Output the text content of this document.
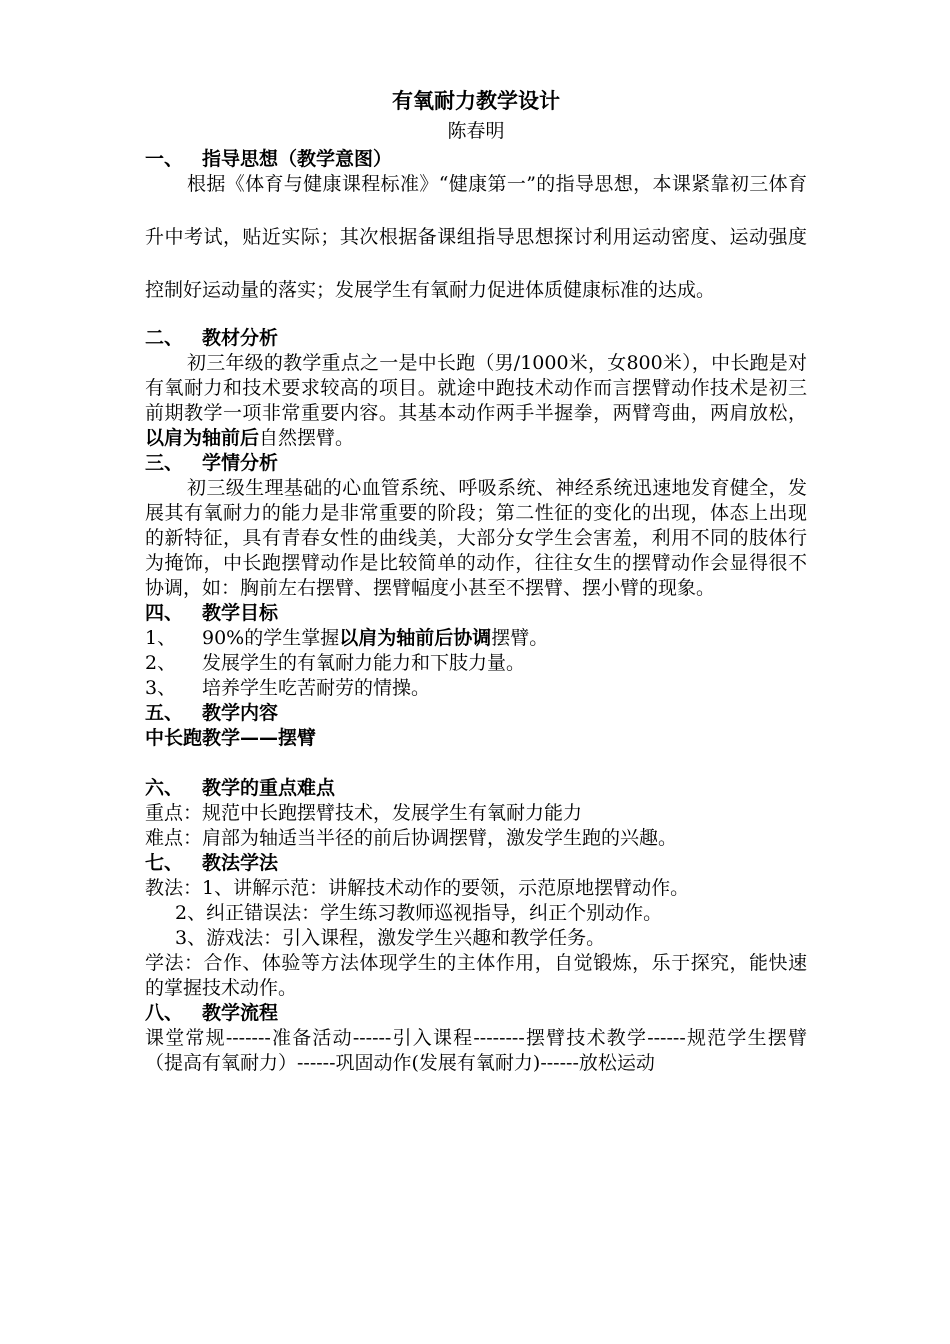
有氧耐力教学设计

陈春明

一、 指导思想（教学意图）

根据《体育与健康课程标准》“健康第一”的指导思想，本课紧靠初三体育升中考试，贴近实际；其次根据备课组指导思想探讨利用运动密度、运动强度控制好运动量的落实；发展学生有氧耐力促进体质健康标准的达成。

二、 教材分析

初三年级的教学重点之一是中长跑（男/1000米，女800米），中长跑是对有氧耐力和技术要求较高的项目。就途中跑技术动作而言摆臂动作技术是初三前期教学一项非常重要内容。其基本动作两手半握拳，两臂弯曲，两肩放松，以肩为轴前后自然摆臂。

三、 学情分析

初三级生理基础的心血管系统、呼吸系统、神经系统迅速地发育健全，发展其有氧耐力的能力是非常重要的阶段；第二性征的变化的出现，体态上出现的新特征，具有青春女性的曲线美，大部分女学生会害羞，利用不同的肢体行为掩饰，中长跑摆臂动作是比较简单的动作，往往女生的摆臂动作会显得很不协调，如：胸前左右摆臂、摆臂幅度小甚至不摆臂、摆小臂的现象。

四、 教学目标
1、 90%的学生掌握以肩为轴前后协调摆臂。
2、 发展学生的有氧耐力能力和下肢力量。
3、 培养学生吃苦耐劳的情操。
五、 教学内容
中长跑教学——摆臂
六、 教学的重点难点

重点：规范中长跑摆臂技术，发展学生有氧耐力能力

难点：肩部为轴适当半径的前后协调摆臂，激发学生跑的兴趣。

七、 教法学法

教法：1、讲解示范：讲解技术动作的要领，示范原地摆臂动作。

2、纠正错误法：学生练习教师巡视指导，纠正个别动作。

3、游戏法：引入课程，激发学生兴趣和教学任务。

学法：合作、体验等方法体现学生的主体作用，自觉锻炼，乐于探究，能快速的掌握技术动作。

八、 教学流程

课堂常规-------准备活动------引入课程--------摆臂技术教学------规范学生摆臂（提高有氧耐力）------巩固动作(发展有氧耐力)------放松运动
